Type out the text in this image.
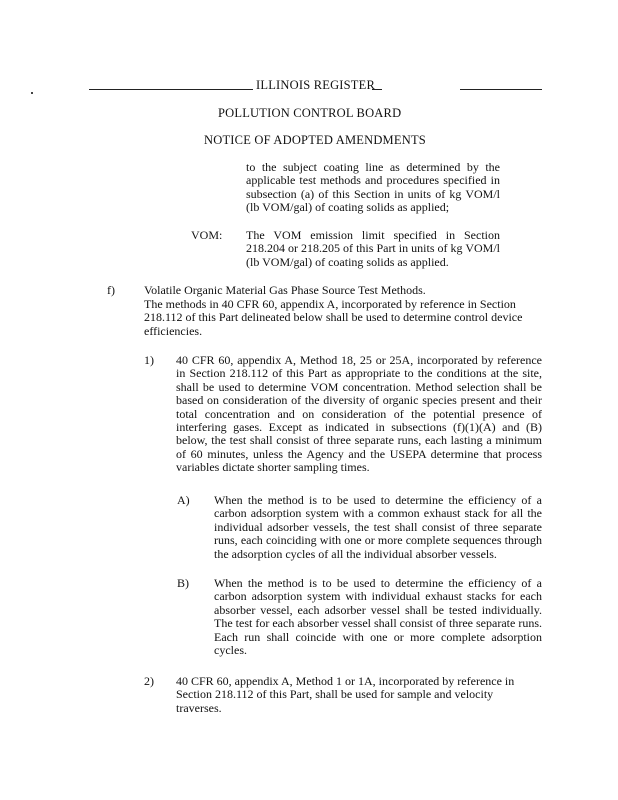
ILLINOIS REGISTER
POLLUTION CONTROL BOARD
NOTICE OF ADOPTED AMENDMENTS
to the subject coating line as determined by the applicable test methods and procedures specified in subsection (a) of this Section in units of kg VOM/l (lb VOM/gal) of coating solids as applied;
VOM: The VOM emission limit specified in Section 218.204 or 218.205 of this Part in units of kg VOM/l (lb VOM/gal) of coating solids as applied.
f) Volatile Organic Material Gas Phase Source Test Methods.
The methods in 40 CFR 60, appendix A, incorporated by reference in Section 218.112 of this Part delineated below shall be used to determine control device efficiencies.
1) 40 CFR 60, appendix A, Method 18, 25 or 25A, incorporated by reference in Section 218.112 of this Part as appropriate to the conditions at the site, shall be used to determine VOM concentration. Method selection shall be based on consideration of the diversity of organic species present and their total concentration and on consideration of the potential presence of interfering gases. Except as indicated in subsections (f)(1)(A) and (B) below, the test shall consist of three separate runs, each lasting a minimum of 60 minutes, unless the Agency and the USEPA determine that process variables dictate shorter sampling times.
A) When the method is to be used to determine the efficiency of a carbon adsorption system with a common exhaust stack for all the individual adsorber vessels, the test shall consist of three separate runs, each coinciding with one or more complete sequences through the adsorption cycles of all the individual absorber vessels.
B) When the method is to be used to determine the efficiency of a carbon adsorption system with individual exhaust stacks for each absorber vessel, each adsorber vessel shall be tested individually. The test for each absorber vessel shall consist of three separate runs. Each run shall coincide with one or more complete adsorption cycles.
2) 40 CFR 60, appendix A, Method 1 or 1A, incorporated by reference in Section 218.112 of this Part, shall be used for sample and velocity traverses.
